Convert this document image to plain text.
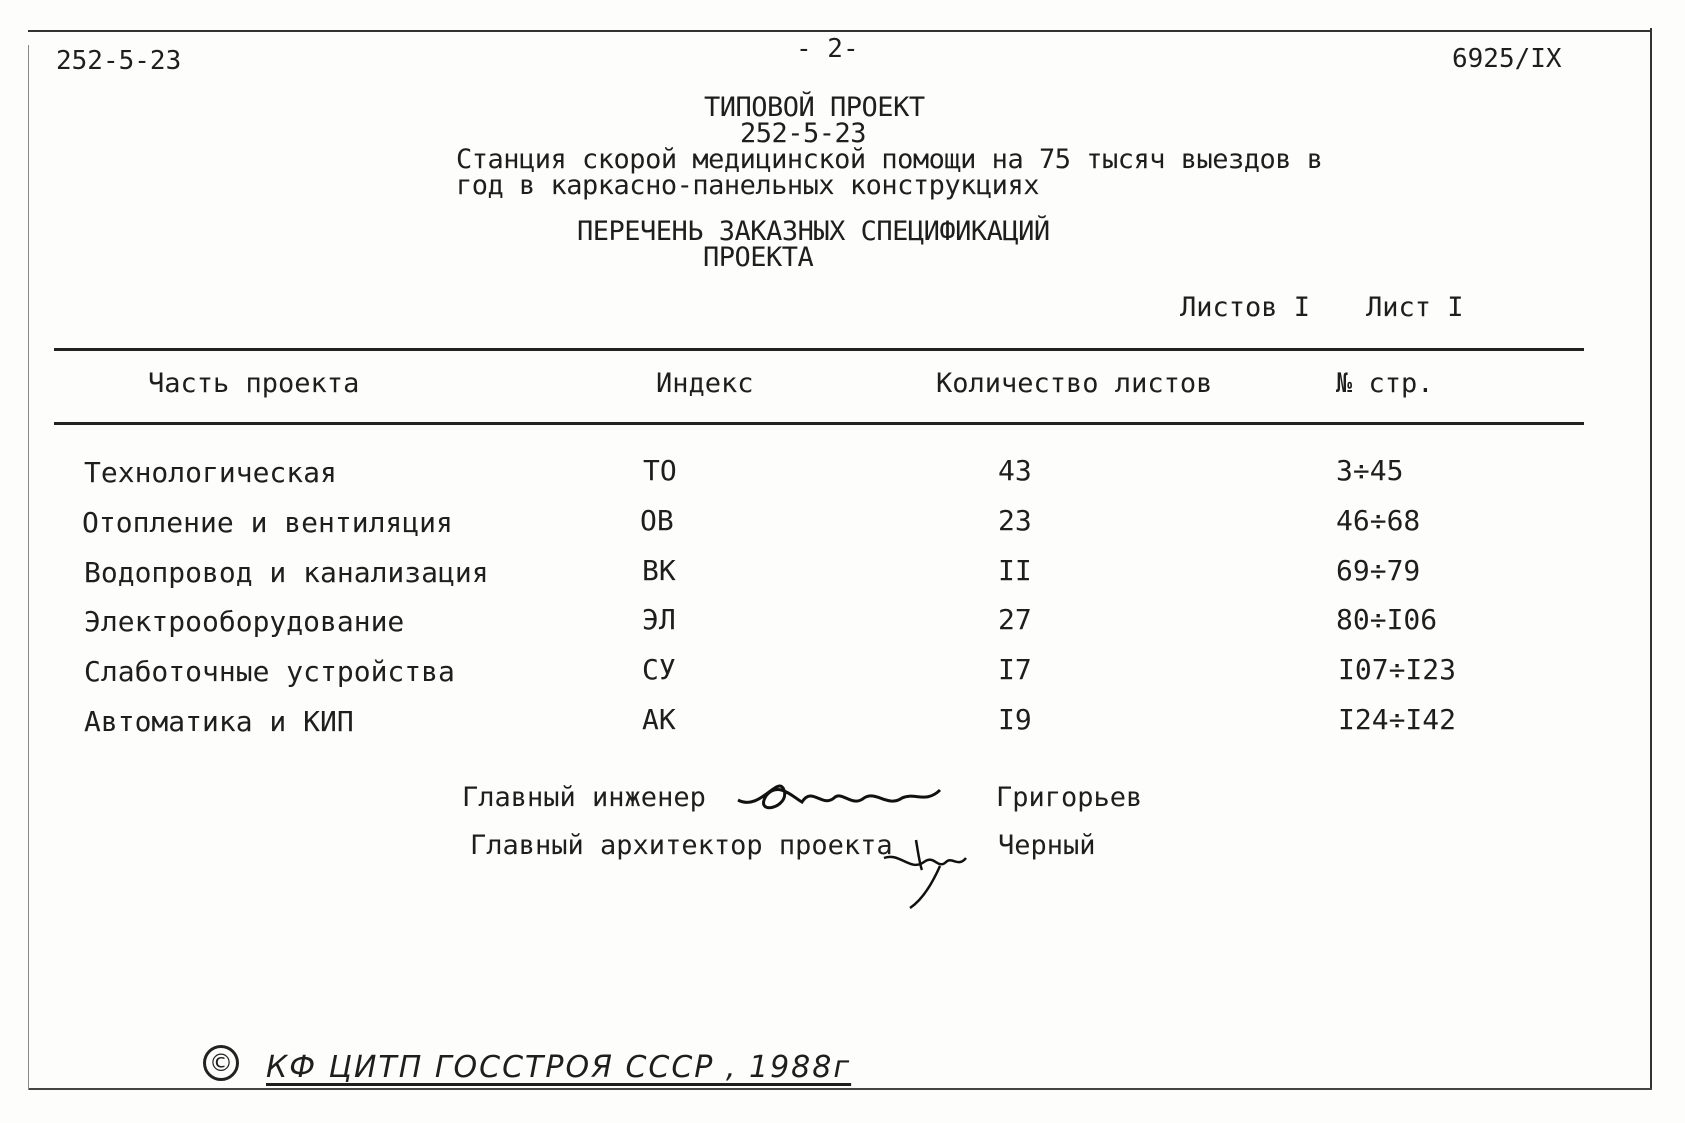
252-5-23	- 2-	6925/IX
ТИПОВОЙ ПРОЕКТ
252-5-23
Станция скорой медицинской помощи на 75 тысяч выездов в
год в каркасно-панельных конструкциях
ПЕРЕЧЕНЬ ЗАКАЗНЫХ СПЕЦИФИКАЦИЙ
ПРОЕКТА
Листов I Лист I
Часть проекта	Индекс	Количество листов	№ стр.
Технологическая	ТО	43	3÷45
Отопление и вентиляция	ОВ	23	46÷68
Водопровод и канализация	ВК	II	69÷79
Электрооборудование	ЭЛ	27	80÷I06
Слаботочные устройства	СУ	I7	I07÷I23
Автоматика и КИП	АК	I9	I24÷I42
Главный инженер	Григорьев
Главный архитектор проекта	Черный
© КФ ЦИТП ГОССТРОЯ СССР , 1988г
